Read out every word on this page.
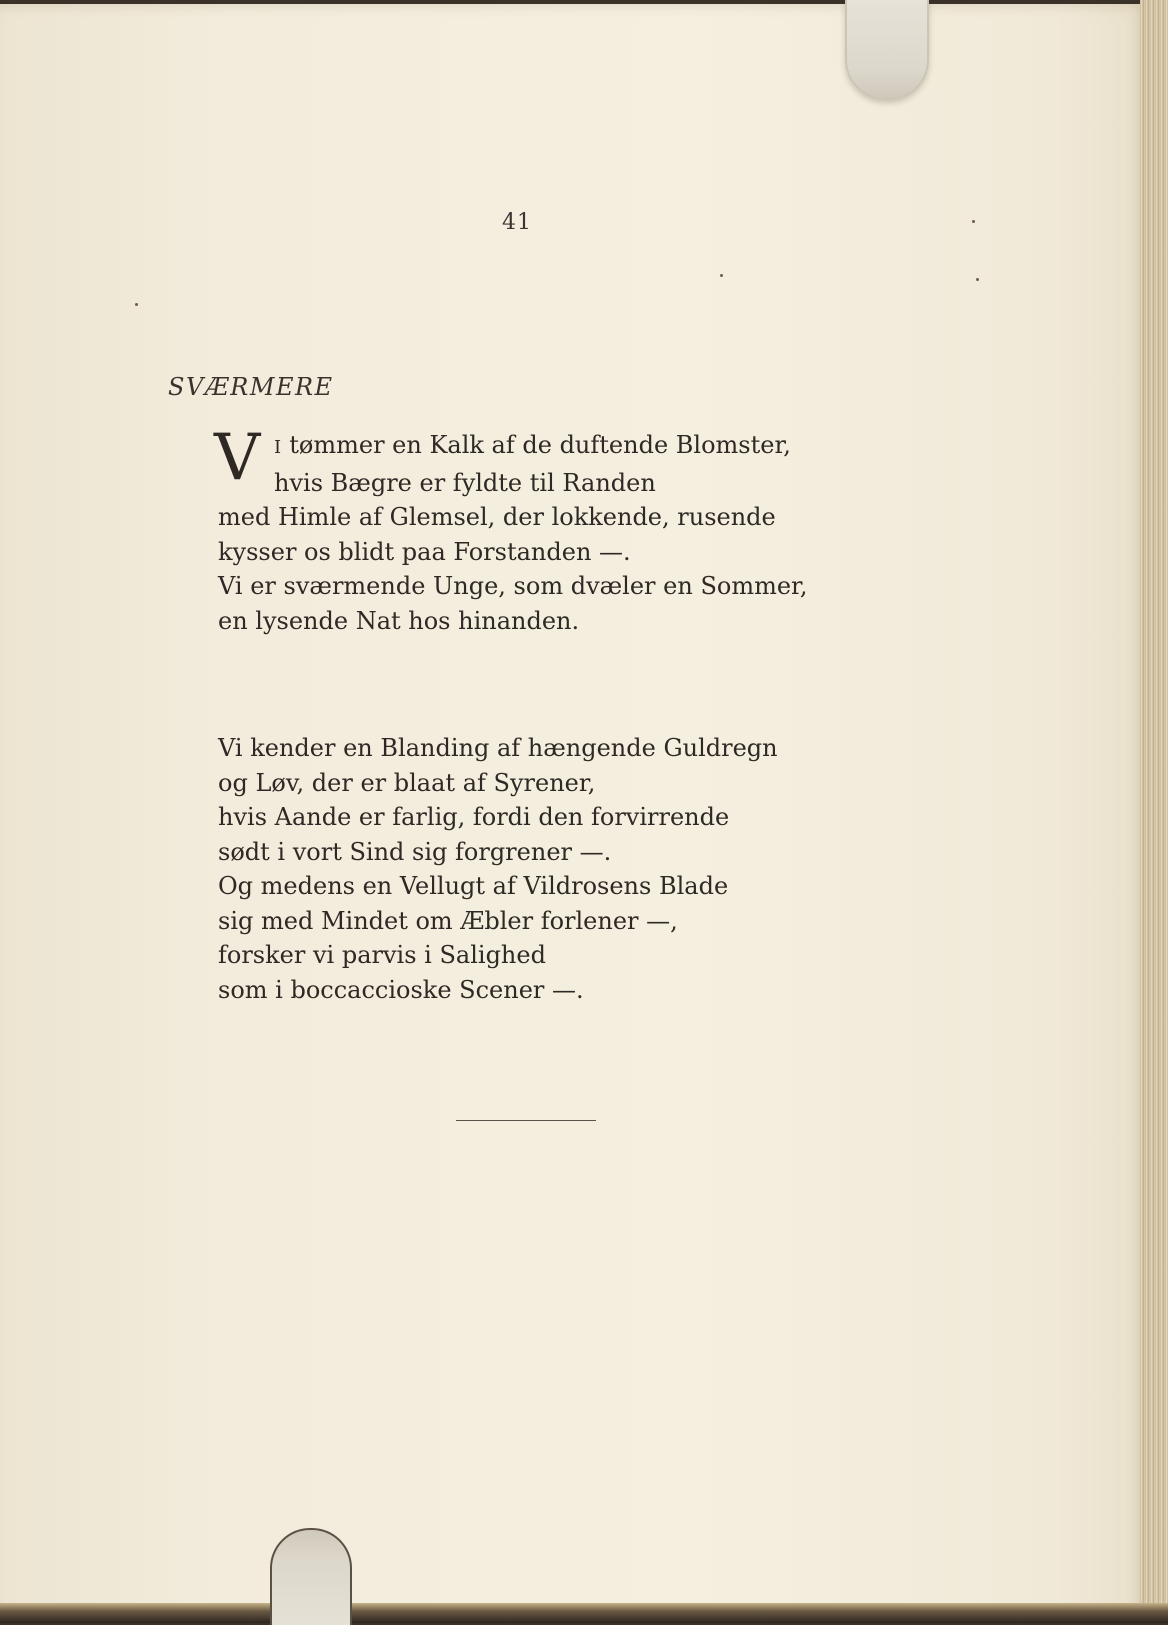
41
SVÆRMERE
V I tømmer en Kalk af de duftende Blomster,
hvis Bægre er fyldte til Randen
med Himle af Glemsel, der lokkende, rusende
kysser os blidt paa Forstanden —.
Vi er sværmende Unge, som dvæler en Sommer,
en lysende Nat hos hinanden.
Vi kender en Blanding af hængende Guldregn
og Løv, der er blaat af Syrener,
hvis Aande er farlig, fordi den forvirrende
sødt i vort Sind sig forgrener —.
Og medens en Vellugt af Vildrosens Blade
sig med Mindet om Æbler forlener —,
forsker vi parvis i Salighed
som i boccaccioske Scener —.
